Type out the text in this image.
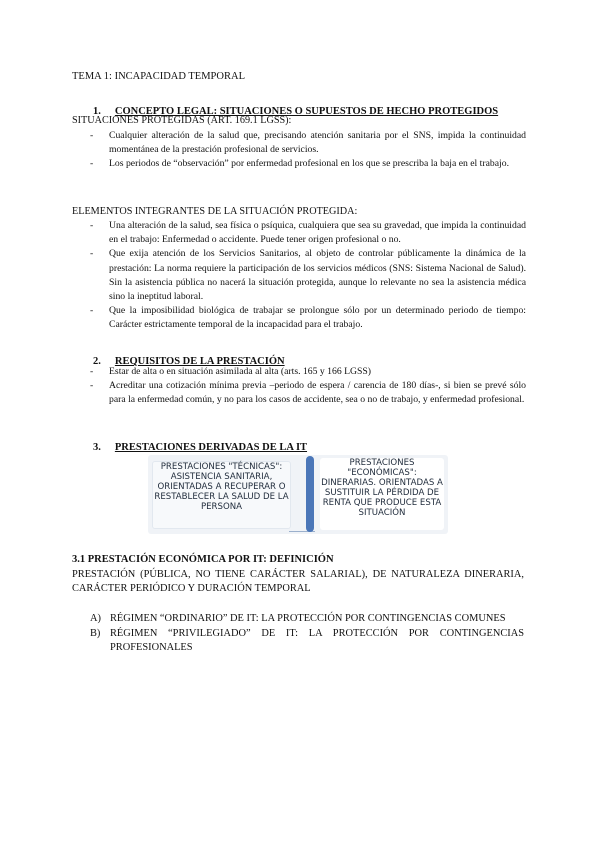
TEMA 1: INCAPACIDAD TEMPORAL
1. CONCEPTO LEGAL: SITUACIONES O SUPUESTOS DE HECHO PROTEGIDOS
SITUACIONES PROTEGIDAS (ART. 169.1 LGSS):
- Cualquier alteración de la salud que, precisando atención sanitaria por el SNS, impida la continuidad momentánea de la prestación profesional de servicios.
- Los periodos de “observación” por enfermedad profesional en los que se prescriba la baja en el trabajo.
ELEMENTOS INTEGRANTES DE LA SITUACIÓN PROTEGIDA:
- Una alteración de la salud, sea física o psíquica, cualquiera que sea su gravedad, que impida la continuidad en el trabajo: Enfermedad o accidente. Puede tener origen profesional o no.
- Que exija atención de los Servicios Sanitarios, al objeto de controlar públicamente la dinámica de la prestación: La norma requiere la participación de los servicios médicos (SNS: Sistema Nacional de Salud). Sin la asistencia pública no nacerá la situación protegida, aunque lo relevante no sea la asistencia médica sino la ineptitud laboral.
- Que la imposibilidad biológica de trabajar se prolongue sólo por un determinado periodo de tiempo: Carácter estrictamente temporal de la incapacidad para el trabajo.
2. REQUISITOS DE LA PRESTACIÓN
- Estar de alta o en situación asimilada al alta (arts. 165 y 166 LGSS)
- Acreditar una cotización mínima previa –periodo de espera / carencia de 180 días-, si bien se prevé sólo para la enfermedad común, y no para los casos de accidente, sea o no de trabajo, y enfermedad profesional.
3. PRESTACIONES DERIVADAS DE LA IT
PRESTACIONES "TÉCNICAS":
ASISTENCIA SANITARIA, ORIENTADAS A RECUPERAR O RESTABLECER LA SALUD DE LA PERSONA
PRESTACIONES "ECONÓMICAS":
DINERARIAS. ORIENTADAS A SUSTITUIR LA PÉRDIDA DE RENTA QUE PRODUCE ESTA SITUACIÓN
3.1 PRESTACIÓN ECONÓMICA POR IT: DEFINICIÓN
PRESTACIÓN (PÚBLICA, NO TIENE CARÁCTER SALARIAL), DE NATURALEZA DINERARIA, CARÁCTER PERIÓDICO Y DURACIÓN TEMPORAL
A) RÉGIMEN “ORDINARIO” DE IT: LA PROTECCIÓN POR CONTINGENCIAS COMUNES
B) RÉGIMEN “PRIVILEGIADO” DE IT: LA PROTECCIÓN POR CONTINGENCIAS PROFESIONALES
